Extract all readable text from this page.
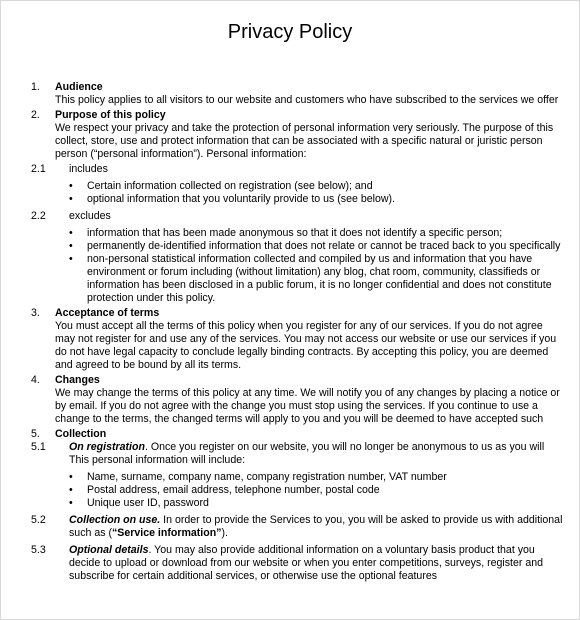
Privacy Policy
1. Audience
This policy applies to all visitors to our website and customers who have subscribed to the services we offer
2. Purpose of this policy
We respect your privacy and take the protection of personal information very seriously. The purpose of this collect, store, use and protect information that can be associated with a specific natural or juristic person person (“personal information”). Personal information:
2.1 includes
• Certain information collected on registration (see below); and
• optional information that you voluntarily provide to us (see below).
2.2 excludes
• information that has been made anonymous so that it does not identify a specific person;
• permanently de-identified information that does not relate or cannot be traced back to you specifically
• non-personal statistical information collected and compiled by us and information that you have environment or forum including (without limitation) any blog, chat room, community, classifieds or information has been disclosed in a public forum, it is no longer confidential and does not constitute protection under this policy.
3. Acceptance of terms
You must accept all the terms of this policy when you register for any of our services. If you do not agree may not register for and use any of the services. You may not access our website or use our services if you do not have legal capacity to conclude legally binding contracts. By accepting this policy, you are deemed and agreed to be bound by all its terms.
4. Changes
We may change the terms of this policy at any time. We will notify you of any changes by placing a notice or by email. If you do not agree with the change you must stop using the services. If you continue to use a change to the terms, the changed terms will apply to you and you will be deemed to have accepted such
5. Collection
5.1 On registration. Once you register on our website, you will no longer be anonymous to us as you will This personal information will include:
• Name, surname, company name, company registration number, VAT number
• Postal address, email address, telephone number, postal code
• Unique user ID, password
5.2 Collection on use. In order to provide the Services to you, you will be asked to provide us with additional such as (“Service information”).
5.3 Optional details. You may also provide additional information on a voluntary basis product that you decide to upload or download from our website or when you enter competitions, surveys, register and subscribe for certain additional services, or otherwise use the optional features
